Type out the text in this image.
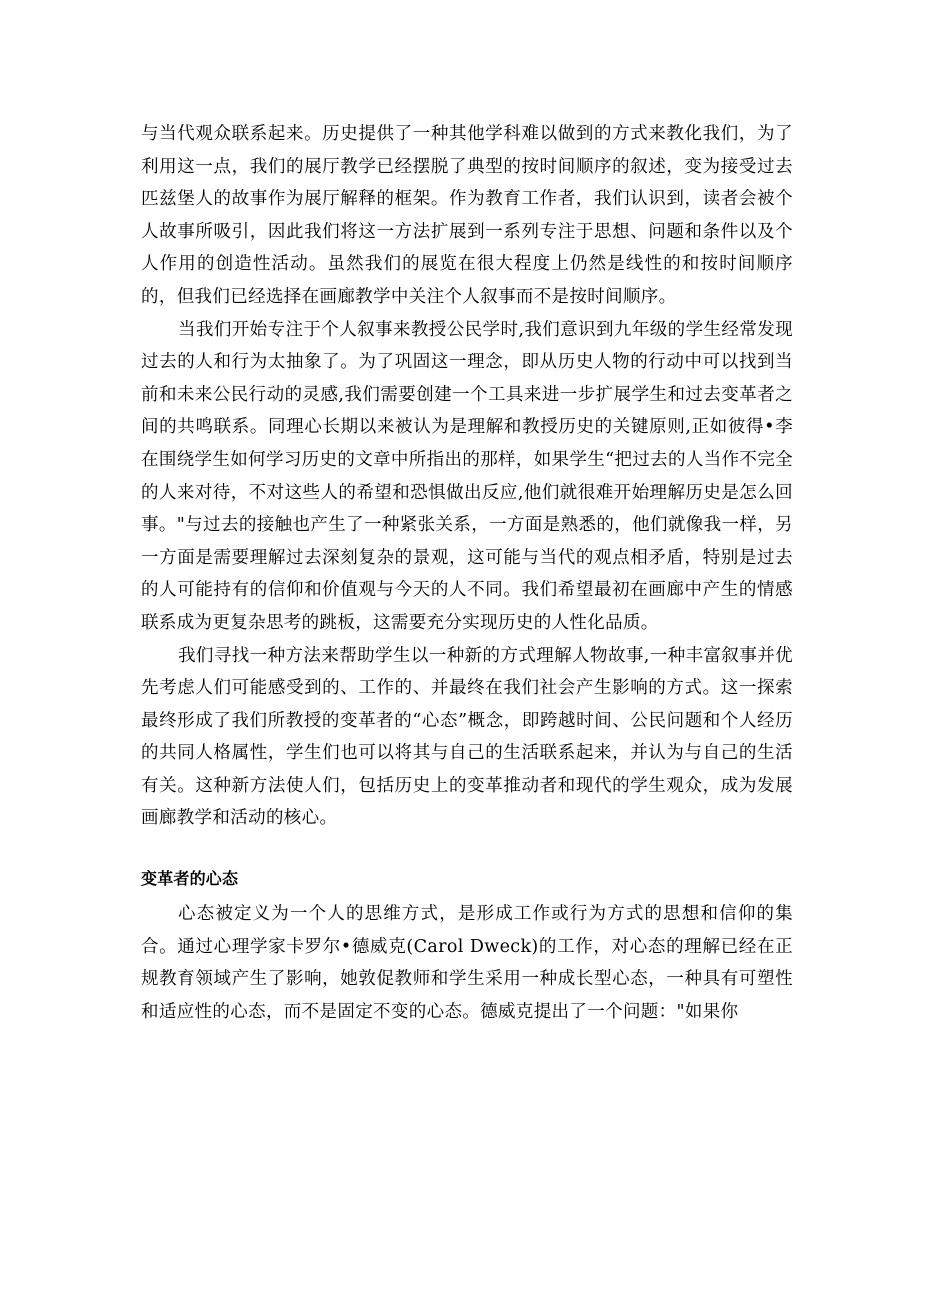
与当代观众联系起来。历史提供了一种其他学科难以做到的方式来教化我们，为了利用这一点，我们的展厅教学已经摆脱了典型的按时间顺序的叙述，变为接受过去匹兹堡人的故事作为展厅解释的框架。作为教育工作者，我们认识到，读者会被个人故事所吸引，因此我们将这一方法扩展到一系列专注于思想、问题和条件以及个人作用的创造性活动。虽然我们的展览在很大程度上仍然是线性的和按时间顺序的，但我们已经选择在画廊教学中关注个人叙事而不是按时间顺序。

当我们开始专注于个人叙事来教授公民学时,我们意识到九年级的学生经常发现过去的人和行为太抽象了。为了巩固这一理念，即从历史人物的行动中可以找到当前和未来公民行动的灵感,我们需要创建一个工具来进一步扩展学生和过去变革者之间的共鸣联系。同理心长期以来被认为是理解和教授历史的关键原则,正如彼得•李在围绕学生如何学习历史的文章中所指出的那样，如果学生“把过去的人当作不完全的人来对待，不对这些人的希望和恐惧做出反应,他们就很难开始理解历史是怎么回事。"与过去的接触也产生了一种紧张关系，一方面是熟悉的，他们就像我一样，另一方面是需要理解过去深刻复杂的景观，这可能与当代的观点相矛盾，特别是过去的人可能持有的信仰和价值观与今天的人不同。我们希望最初在画廊中产生的情感联系成为更复杂思考的跳板，这需要充分实现历史的人性化品质。

我们寻找一种方法来帮助学生以一种新的方式理解人物故事,一种丰富叙事并优先考虑人们可能感受到的、工作的、并最终在我们社会产生影响的方式。这一探索最终形成了我们所教授的变革者的“心态”概念，即跨越时间、公民问题和个人经历的共同人格属性，学生们也可以将其与自己的生活联系起来，并认为与自己的生活有关。这种新方法使人们，包括历史上的变革推动者和现代的学生观众，成为发展画廊教学和活动的核心。

变革者的心态

心态被定义为一个人的思维方式，是形成工作或行为方式的思想和信仰的集合。通过心理学家卡罗尔•德威克(Carol Dweck)的工作，对心态的理解已经在正规教育领域产生了影响，她敦促教师和学生采用一种成长型心态，一种具有可塑性和适应性的心态，而不是固定不变的心态。德威克提出了一个问题："如果你
